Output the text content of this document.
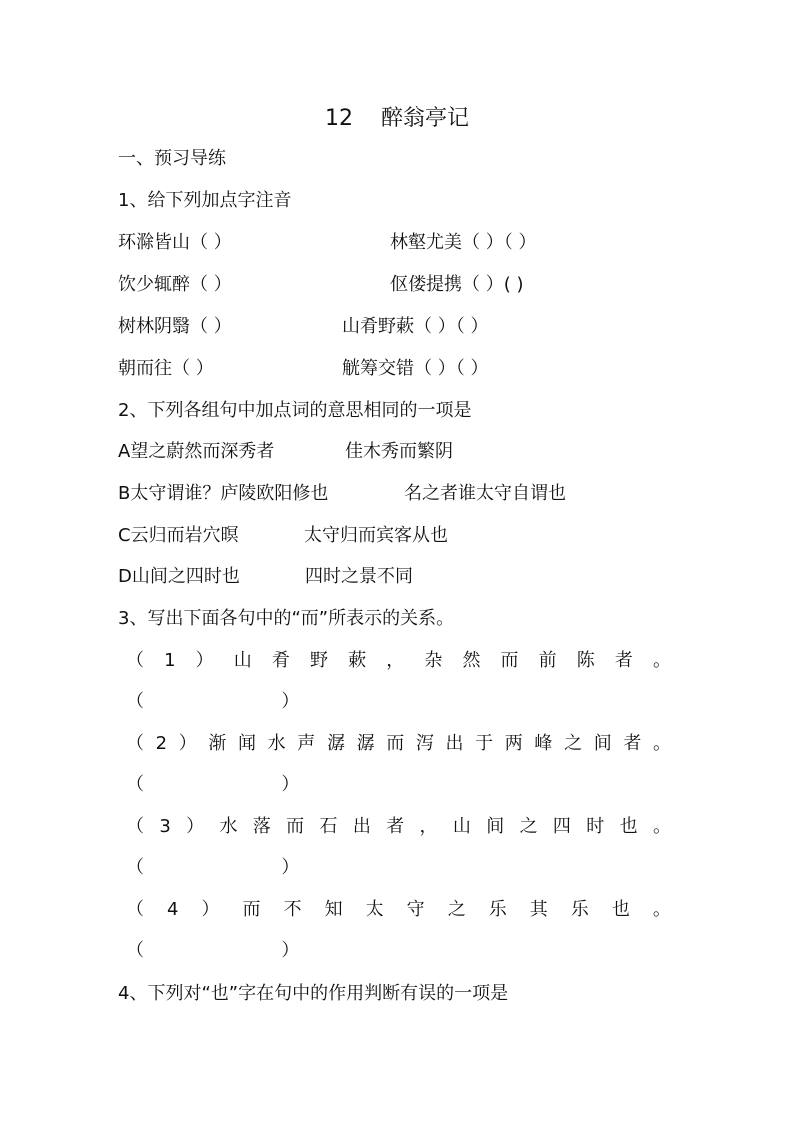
12    醉翁亭记
一、预习导练
1、给下列加点字注音
环滁皆山（ ）	林壑尤美（ ）（ ）
饮少辄醉（ ）	伛偻提携（ ）( )
树林阴翳（ ）	山肴野蔌（ ）（ ）
朝而往（ ）	觥筹交错（ ）（ ）
2、下列各组句中加点词的意思相同的一项是
A望之蔚然而深秀者	佳木秀而繁阴
B太守谓谁？庐陵欧阳修也	名之者谁太守自谓也
C云归而岩穴暝	太守归而宾客从也
D山间之四时也	四时之景不同
3、写出下面各句中的“而”所表示的关系。
（ 1 ） 山 肴 野 蔌 ， 杂 然 而 前 陈 者 。
（                        ）
（ 2 ） 渐 闻 水 声 潺 潺 而 泻 出 于 两 峰 之 间 者 。
（                        ）
（ 3 ） 水 落 而 石 出 者 ， 山 间 之 四 时 也 。
（                        ）
（ 4 ） 而 不 知 太 守 之 乐 其 乐 也 。
（                        ）
4、下列对“也”字在句中的作用判断有误的一项是
